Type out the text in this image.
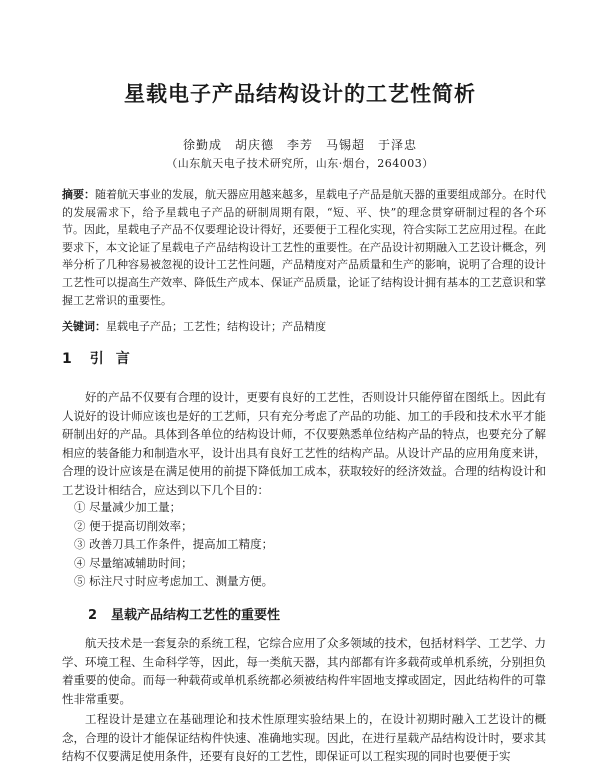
星载电子产品结构设计的工艺性简析
徐勤成　胡庆德　李芳　马锡超　于泽忠
（山东航天电子技术研究所，山东·烟台，264003）

摘要：随着航天事业的发展，航天器应用越来越多，星载电子产品是航天器的重要组成部分。在时代的发展需求下，给予星载电子产品的研制周期有限，“短、平、快”的理念贯穿研制过程的各个环节。因此，星载电子产品不仅要理论设计得好，还要便于工程化实现，符合实际工艺应用过程。在此要求下，本文论证了星载电子产品结构设计工艺性的重要性。在产品设计初期融入工艺设计概念，列举分析了几种容易被忽视的设计工艺性问题，产品精度对产品质量和生产的影响，说明了合理的设计工艺性可以提高生产效率、降低生产成本、保证产品质量，论证了结构设计拥有基本的工艺意识和掌握工艺常识的重要性。

关键词：星载电子产品；工艺性；结构设计；产品精度

1 引言

好的产品不仅要有合理的设计，更要有良好的工艺性，否则设计只能停留在图纸上。因此有人说好的设计师应该也是好的工艺师，只有充分考虑了产品的功能、加工的手段和技术水平才能研制出好的产品。具体到各单位的结构设计师，不仅要熟悉单位结构产品的特点，也要充分了解相应的装备能力和制造水平，设计出具有良好工艺性的结构产品。从设计产品的应用角度来讲，合理的设计应该是在满足使用的前提下降低加工成本，获取较好的经济效益。合理的结构设计和工艺设计相结合，应达到以下几个目的：

① 尽量减少加工量；
② 便于提高切削效率；
③ 改善刀具工作条件，提高加工精度；
④ 尽量缩减辅助时间；
⑤ 标注尺寸时应考虑加工、测量方便。
2 星载产品结构工艺性的重要性

航天技术是一套复杂的系统工程，它综合应用了众多领域的技术，包括材料学、工艺学、力学、环境工程、生命科学等，因此，每一类航天器，其内部都有许多载荷或单机系统，分别担负着重要的使命。而每一种载荷或单机系统都必须被结构件牢固地支撑或固定，因此结构件的可靠性非常重要。

工程设计是建立在基础理论和技术性原理实验结果上的，在设计初期时融入工艺设计的概念，合理的设计才能保证结构件快速、准确地实现。因此，在进行星载产品结构设计时，要求其结构不仅要满足使用条件，还要有良好的工艺性，即保证可以工程实现的同时也要便于实
